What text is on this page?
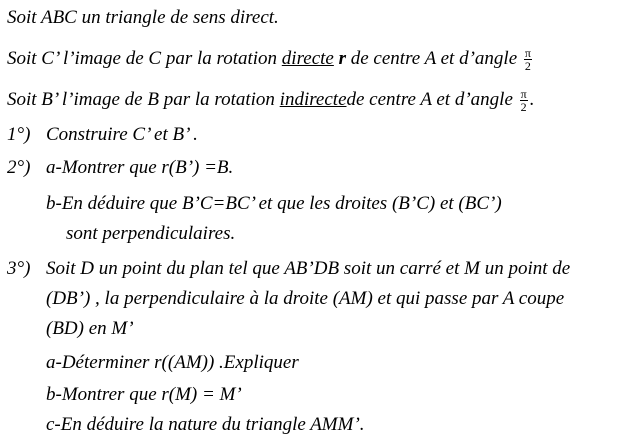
Soit ABC un triangle de sens direct.
Soit C’ l’image de C par la rotation directe r de centre A et d’angle $\frac{\pi}{2}$
Soit B’ l’image de B par la rotation indirectede centre A et d’angle $\frac{\pi}{2}$ .
1°) Construire C’ et B’ .
2°) a-Montrer que r(B’) =B.
b-En déduire que B’C=BC’ et que les droites (B’C) et (BC’)
sont perpendiculaires.
3°) Soit D un point du plan tel que AB’DB soit un carré et M un point de
(DB’) , la perpendiculaire à la droite (AM) et qui passe par A coupe
(BD) en M’
a-Déterminer r((AM)) .Expliquer
b-Montrer que r(M) = M’
c-En déduire la nature du triangle AMM’.
